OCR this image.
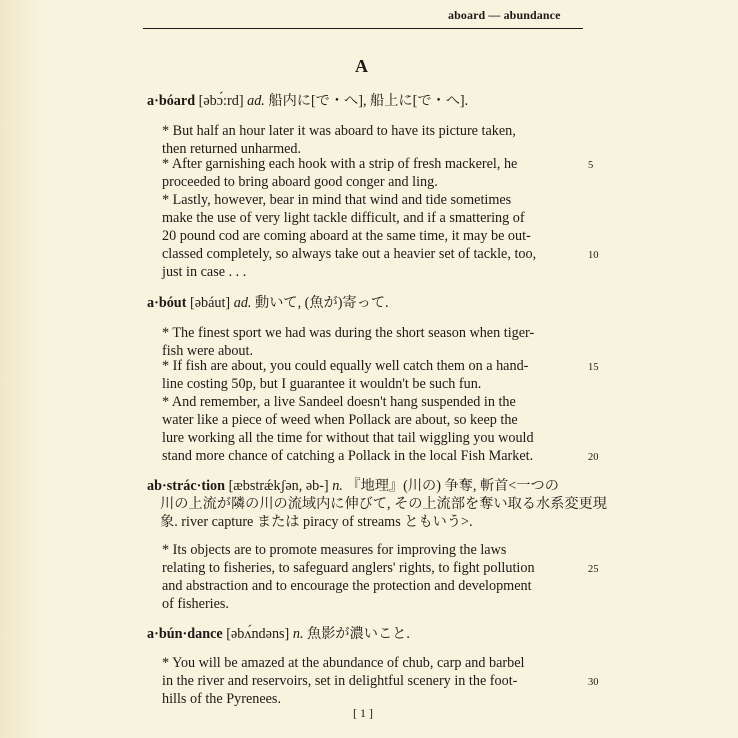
aboard — abundance
A
a·bóard [əbɔ́:rd] ad. 船内に[で・へ], 船上に[で・へ].
* But half an hour later it was aboard to have its picture taken,
then returned unharmed.
* After garnishing each hook with a strip of fresh mackerel, he
proceeded to bring aboard good conger and ling.
* Lastly, however, bear in mind that wind and tide sometimes
make the use of very light tackle difficult, and if a smattering of
20 pound cod are coming aboard at the same time, it may be out-
classed completely, so always take out a heavier set of tackle, too,
just in case . . .
a·bóut [əbáut] ad. 動いて, (魚が)寄って.
* The finest sport we had was during the short season when tiger-
fish were about.
* If fish are about, you could equally well catch them on a hand-
line costing 50p, but I guarantee it wouldn't be such fun.
* And remember, a live Sandeel doesn't hang suspended in the
water like a piece of weed when Pollack are about, so keep the
lure working all the time for without that tail wiggling you would
stand more chance of catching a Pollack in the local Fish Market.
ab·strác·tion [æbstrǽkʃən, əb-] n. 『地理』(川の) 争奪, 斬首<一つの
川の上流が隣の川の流域内に伸びて, その上流部を奪い取る水系変更現
象. river capture または piracy of streams ともいう>.
* Its objects are to promote measures for improving the laws
relating to fisheries, to safeguard anglers' rights, to fight pollution
and abstraction and to encourage the protection and development
of fisheries.
a·bún·dance [əbʌ́ndəns] n. 魚影が濃いこと.
* You will be amazed at the abundance of chub, carp and barbel
in the river and reservoirs, set in delightful scenery in the foot-
hills of the Pyrenees.
5
10
15
20
25
30
[ 1 ]
